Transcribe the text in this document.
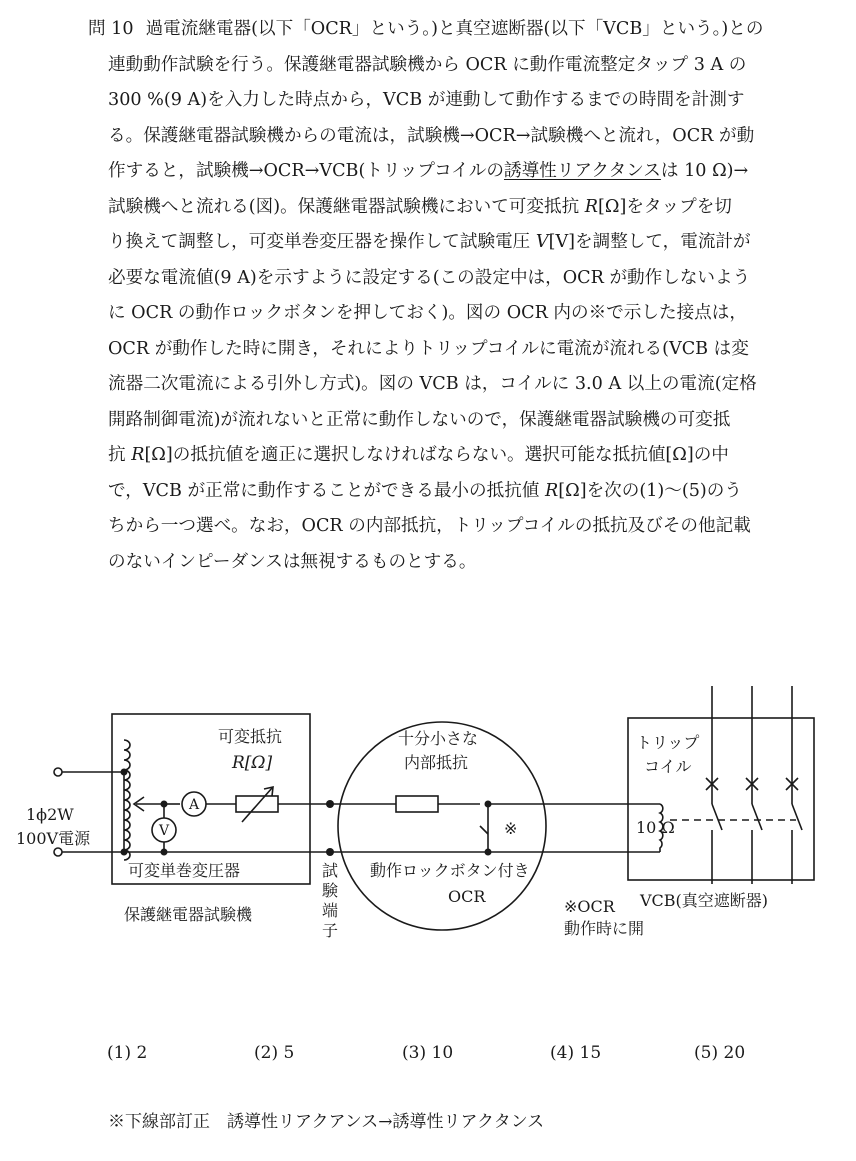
問 10 過電流継電器(以下「OCR」という。)と真空遮断器(以下「VCB」という。)との
連動動作試験を行う。保護継電器試験機から OCR に動作電流整定タップ 3 A の
300 %(9 A)を入力した時点から，VCB が連動して動作するまでの時間を計測す
る。保護継電器試験機からの電流は，試験機→OCR→試験機へと流れ，OCR が動
作すると，試験機→OCR→VCB(トリップコイルの誘導性リアクタンスは 10 Ω)→
試験機へと流れる(図)。保護継電器試験機において可変抵抗 R[Ω]をタップを切
り換えて調整し，可変単巻変圧器を操作して試験電圧 V[V]を調整して，電流計が
必要な電流値(9 A)を示すように設定する(この設定中は，OCR が動作しないよう
に OCR の動作ロックボタンを押しておく)。図の OCR 内の※で示した接点は，
OCR が動作した時に開き，それによりトリップコイルに電流が流れる(VCB は変
流器二次電流による引外し方式)。図の VCB は，コイルに 3.0 A 以上の電流(定格
開路制御電流)が流れないと正常に動作しないので，保護継電器試験機の可変抵
抗 R[Ω]の抵抗値を適正に選択しなければならない。選択可能な抵抗値[Ω]の中
で，VCB が正常に動作することができる最小の抵抗値 R[Ω]を次の(1)～(5)のう
ちから一つ選べ。なお，OCR の内部抵抗，トリップコイルの抵抗及びその他記載
のないインピーダンスは無視するものとする。
1ϕ2W
100V電源
可変抵抗
R[Ω]
A
V
可変単巻変圧器
保護継電器試験機
試
験
端
子
十分小さな
内部抵抗
※
動作ロックボタン付き
OCR
※OCR
動作時に開
トリップ
コイル
10 Ω
VCB(真空遮断器)
(1) 2	(2) 5	(3) 10	(4) 15	(5) 20
※下線部訂正　誘導性リアクアンス→誘導性リアクタンス
